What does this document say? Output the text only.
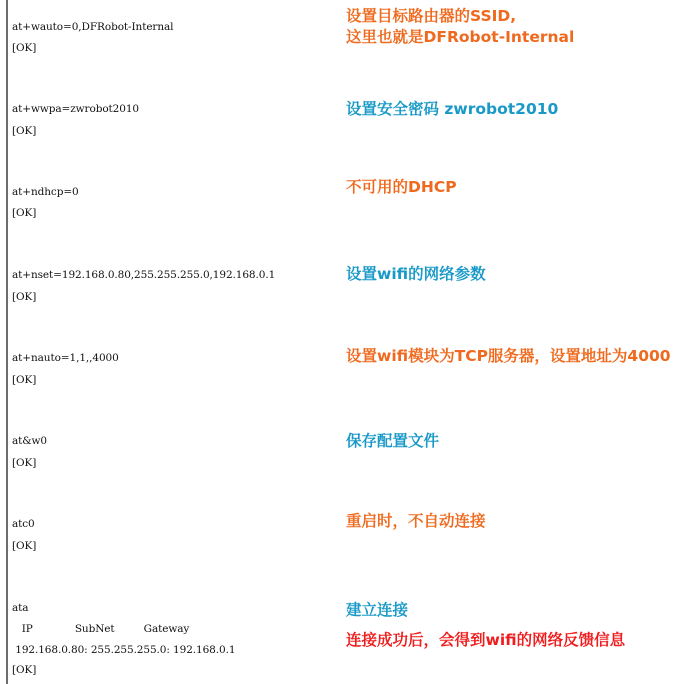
at+wauto=0,DFRobot-Internal
[OK]
设置目标路由器的SSID,
这里也就是DFRobot-Internal
at+wwpa=zwrobot2010
[OK]
设置安全密码 zwrobot2010
at+ndhcp=0
[OK]
不可用的DHCP
at+nset=192.168.0.80,255.255.255.0,192.168.0.1
[OK]
设置wifi的网络参数
at+nauto=1,1,,4000
[OK]
设置wifi模块为TCP服务器，设置地址为4000
at&w0
[OK]
保存配置文件
atc0
[OK]
重启时，不自动连接
ata
IP             SubNet         Gateway
192.168.0.80: 255.255.255.0: 192.168.0.1
[OK]
建立连接
连接成功后，会得到wifi的网络反馈信息
